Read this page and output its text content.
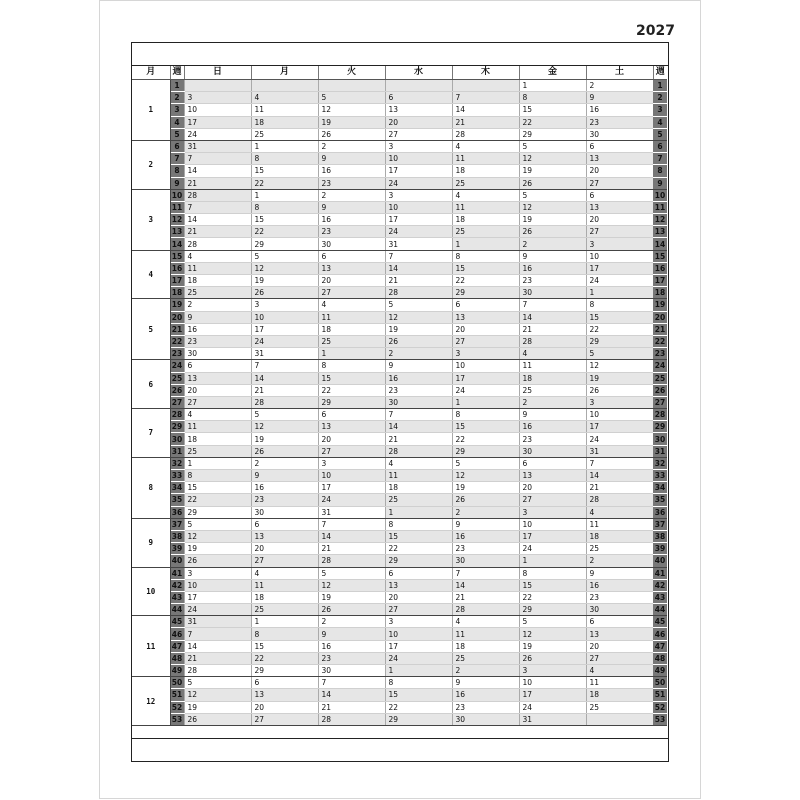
2027
月	週	日	月	火	水	木	金	土	週
1	1						1	2	1
	2	3	4	5	6	7	8	9	2
	3	10	11	12	13	14	15	16	3
	4	17	18	19	20	21	22	23	4
	5	24	25	26	27	28	29	30	5
2	6	31	1	2	3	4	5	6	6
	7	7	8	9	10	11	12	13	7
	8	14	15	16	17	18	19	20	8
	9	21	22	23	24	25	26	27	9
3	10	28	1	2	3	4	5	6	10
	11	7	8	9	10	11	12	13	11
	12	14	15	16	17	18	19	20	12
	13	21	22	23	24	25	26	27	13
	14	28	29	30	31	1	2	3	14
4	15	4	5	6	7	8	9	10	15
	16	11	12	13	14	15	16	17	16
	17	18	19	20	21	22	23	24	17
	18	25	26	27	28	29	30	1	18
5	19	2	3	4	5	6	7	8	19
	20	9	10	11	12	13	14	15	20
	21	16	17	18	19	20	21	22	21
	22	23	24	25	26	27	28	29	22
	23	30	31	1	2	3	4	5	23
6	24	6	7	8	9	10	11	12	24
	25	13	14	15	16	17	18	19	25
	26	20	21	22	23	24	25	26	26
	27	27	28	29	30	1	2	3	27
7	28	4	5	6	7	8	9	10	28
	29	11	12	13	14	15	16	17	29
	30	18	19	20	21	22	23	24	30
	31	25	26	27	28	29	30	31	31
8	32	1	2	3	4	5	6	7	32
	33	8	9	10	11	12	13	14	33
	34	15	16	17	18	19	20	21	34
	35	22	23	24	25	26	27	28	35
	36	29	30	31	1	2	3	4	36
9	37	5	6	7	8	9	10	11	37
	38	12	13	14	15	16	17	18	38
	39	19	20	21	22	23	24	25	39
	40	26	27	28	29	30	1	2	40
10	41	3	4	5	6	7	8	9	41
	42	10	11	12	13	14	15	16	42
	43	17	18	19	20	21	22	23	43
	44	24	25	26	27	28	29	30	44
11	45	31	1	2	3	4	5	6	45
	46	7	8	9	10	11	12	13	46
	47	14	15	16	17	18	19	20	47
	48	21	22	23	24	25	26	27	48
	49	28	29	30	1	2	3	4	49
12	50	5	6	7	8	9	10	11	50
	51	12	13	14	15	16	17	18	51
	52	19	20	21	22	23	24	25	52
	53	26	27	28	29	30	31		53
